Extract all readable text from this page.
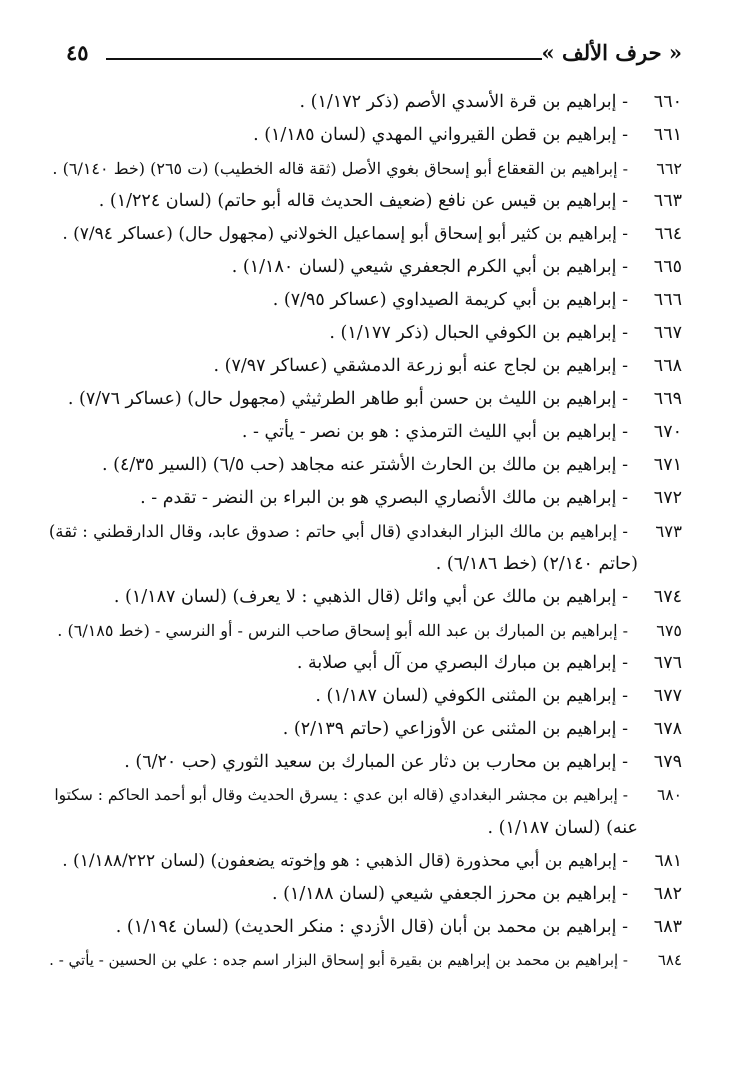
« حرف الألف »
٤٥
٦٦٠- إبراهيم بن قرة الأسدي الأصم (ذكر ١/١٧٢) .
٦٦١- إبراهيم بن قطن القيرواني المهدي (لسان ١/١٨٥) .
٦٦٢- إبراهيم بن القعقاع أبو إسحاق بغوي الأصل (ثقة قاله الخطيب) (ت ٢٦٥) (خط ٦/١٤٠) .
٦٦٣- إبراهيم بن قيس عن نافع (ضعيف الحديث قاله أبو حاتم) (لسان ١/٢٢٤) .
٦٦٤- إبراهيم بن كثير أبو إسحاق أبو إسماعيل الخولاني (مجهول حال) (عساكر ٧/٩٤) .
٦٦٥- إبراهيم بن أبي الكرم الجعفري شيعي (لسان ١/١٨٠) .
٦٦٦- إبراهيم بن أبي كريمة الصيداوي (عساكر ٧/٩٥) .
٦٦٧- إبراهيم بن الكوفي الحبال (ذكر ١/١٧٧) .
٦٦٨- إبراهيم بن لجاج عنه أبو زرعة الدمشقي (عساكر ٧/٩٧) .
٦٦٩- إبراهيم بن الليث بن حسن أبو طاهر الطرثيثي (مجهول حال) (عساكر ٧/٧٦) .
٦٧٠- إبراهيم بن أبي الليث الترمذي : هو بن نصر - يأتي - .
٦٧١- إبراهيم بن مالك بن الحارث الأشتر عنه مجاهد (حب ٦/٥) (السير ٤/٣٥) .
٦٧٢- إبراهيم بن مالك الأنصاري البصري هو بن البراء بن النضر - تقدم - .
٦٧٣- إبراهيم بن مالك البزار البغدادي (قال أبي حاتم : صدوق عابد، وقال الدارقطني : ثقة)
(حاتم ٢/١٤٠) (خط ٦/١٨٦) .
٦٧٤- إبراهيم بن مالك عن أبي وائل (قال الذهبي : لا يعرف) (لسان ١/١٨٧) .
٦٧٥- إبراهيم بن المبارك بن عبد الله أبو إسحاق صاحب النرس - أو النرسي - (خط ٦/١٨٥) .
٦٧٦- إبراهيم بن مبارك البصري من آل أبي صلابة .
٦٧٧- إبراهيم بن المثنى الكوفي (لسان ١/١٨٧) .
٦٧٨- إبراهيم بن المثنى عن الأوزاعي (حاتم ٢/١٣٩) .
٦٧٩- إبراهيم بن محارب بن دثار عن المبارك بن سعيد الثوري (حب ٦/٢٠) .
٦٨٠- إبراهيم بن مجشر البغدادي (قاله ابن عدي : يسرق الحديث وقال أبو أحمد الحاكم : سكتوا
عنه) (لسان ١/١٨٧) .
٦٨١- إبراهيم بن أبي محذورة (قال الذهبي : هو وإخوته يضعفون) (لسان ١/١٨٨/٢٢٢) .
٦٨٢- إبراهيم بن محرز الجعفي شيعي (لسان ١/١٨٨) .
٦٨٣- إبراهيم بن محمد بن أبان (قال الأزدي : منكر الحديث) (لسان ١/١٩٤) .
٦٨٤- إبراهيم بن محمد بن إبراهيم بن بقيرة أبو إسحاق البزار اسم جده : علي بن الحسين - يأتي - .
